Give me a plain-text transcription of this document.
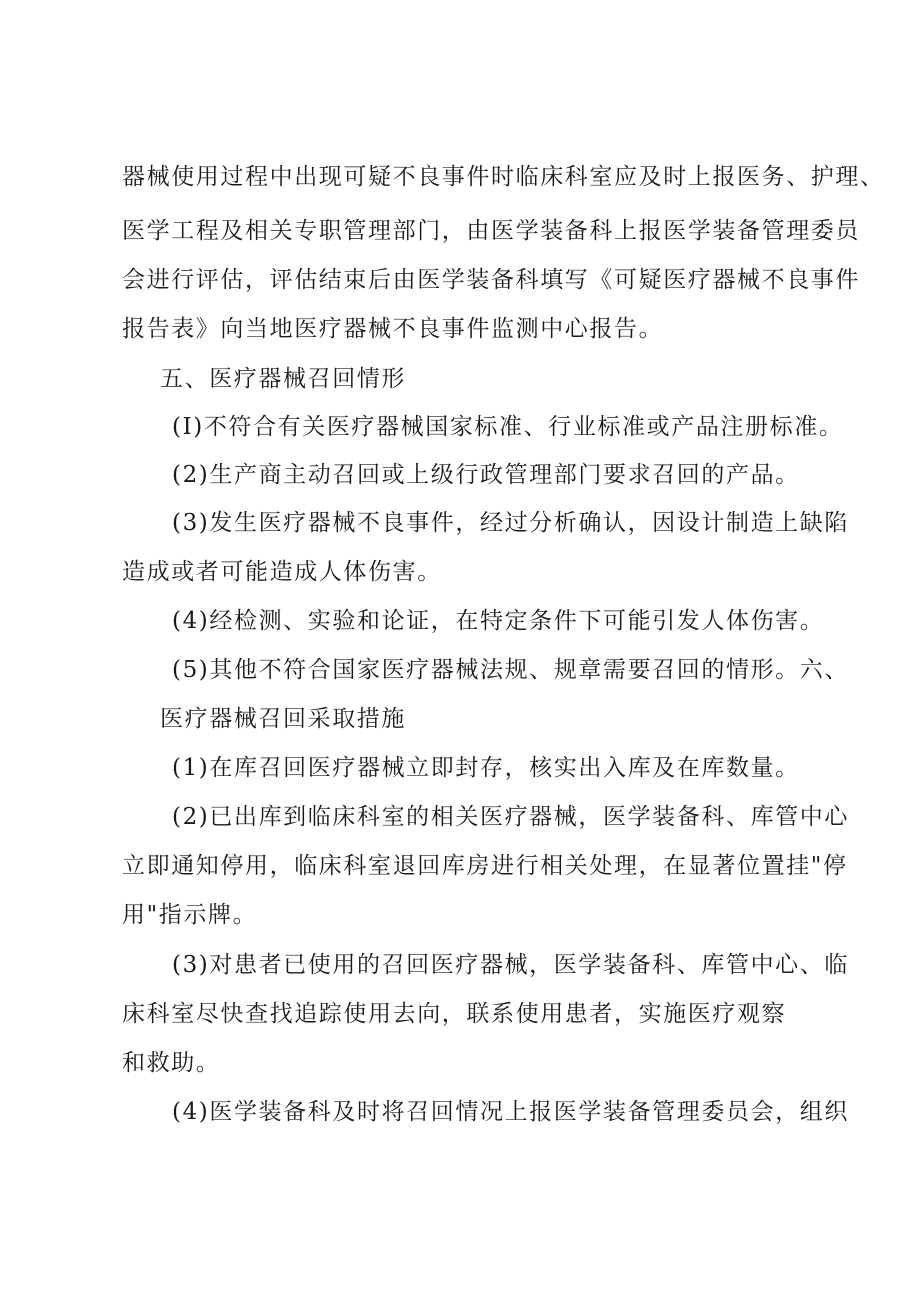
器械使用过程中出现可疑不良事件时临床科室应及时上报医务、护理、
医学工程及相关专职管理部门，由医学装备科上报医学装备管理委员
会进行评估，评估结束后由医学装备科填写《可疑医疗器械不良事件
报告表》向当地医疗器械不良事件监测中心报告。
五、医疗器械召回情形
(I)不符合有关医疗器械国家标准、行业标准或产品注册标准。
(2)生产商主动召回或上级行政管理部门要求召回的产品。
(3)发生医疗器械不良事件，经过分析确认，因设计制造上缺陷
造成或者可能造成人体伤害。
(4)经检测、实验和论证，在特定条件下可能引发人体伤害。
(5)其他不符合国家医疗器械法规、规章需要召回的情形。六、
医疗器械召回采取措施
(1)在库召回医疗器械立即封存，核实出入库及在库数量。
(2)已出库到临床科室的相关医疗器械，医学装备科、库管中心
立即通知停用，临床科室退回库房进行相关处理，在显著位置挂"停
用"指示牌。
(3)对患者已使用的召回医疗器械，医学装备科、库管中心、临
床科室尽快查找追踪使用去向，联系使用患者，实施医疗观察
和救助。
(4)医学装备科及时将召回情况上报医学装备管理委员会，组织
